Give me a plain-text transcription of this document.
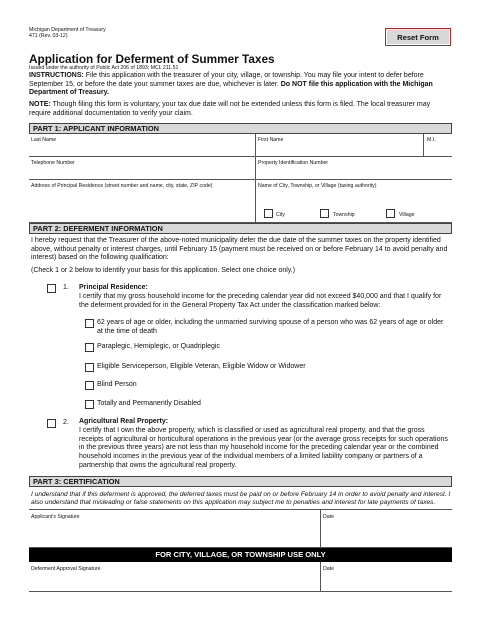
Michigan Department of Treasury
471 (Rev. 03-12)	Reset Form
Application for Deferment of Summer Taxes
Issued under the authority of Public Act 206 of 1893; MCL 211.51
INSTRUCTIONS: File this application with the treasurer of your city, village, or township. You may file your intent to defer before September 15, or before the date your summer taxes are due, whichever is later. Do NOT file this application with the Michigan Department of Treasury.
NOTE: Though filing this form is voluntary, your tax due date will not be extended unless this form is filed. The local treasurer may require additional documentation to verify your claim.
PART 1: APPLICANT INFORMATION
Last Name	First Name	M.I.
Telephone Number	Property Identification Number
Address of Principal Residence (street number and name, city, state, ZIP code)	Name of City, Township, or Village (taxing authority)
City	Township	Village
PART 2: DEFERMENT INFORMATION
I hereby request that the Treasurer of the above-noted municipality defer the due date of the summer taxes on the property identified above, without penalty or interest charges, until February 15 (payment must be received on or before February 14 to avoid penalty and interest) based on the following qualification:
(Check 1 or 2 below to identify your basis for this application. Select one choice only.)
1. Principal Residence:
I certify that my gross household income for the preceding calendar year did not exceed $40,000 and that I qualify for the deferment provided for in the General Property Tax Act under the classification marked below:
62 years of age or older, including the unmarried surviving spouse of a person who was 62 years of age or older at the time of death
Paraplegic, Hemiplegic, or Quadriplegic
Eligible Serviceperson, Eligible Veteran, Eligible Widow or Widower
Blind Person
Totally and Permanently Disabled
2. Agricultural Real Property:
I certify that I own the above property, which is classified or used as agricultural real property, and that the gross receipts of agricultural or horticultural operations in the previous year (or the average gross receipts for such operations in the previous three years) are not less than my household income for the preceding calendar year or the combined household incomes in the previous year of the individual members of a limited liability company or partners of a partnership that owns the agricultural real property.
PART 3: CERTIFICATION
I understand that if this deferment is approved, the deferred taxes must be paid on or before February 14 in order to avoid penalty and interest. I also understand that misleading or false statements on this application may subject me to penalties and interest for late payments of taxes.
Applicant's Signature	Date
FOR CITY, VILLAGE, OR TOWNSHIP USE ONLY
Deferment Approval Signature	Date
